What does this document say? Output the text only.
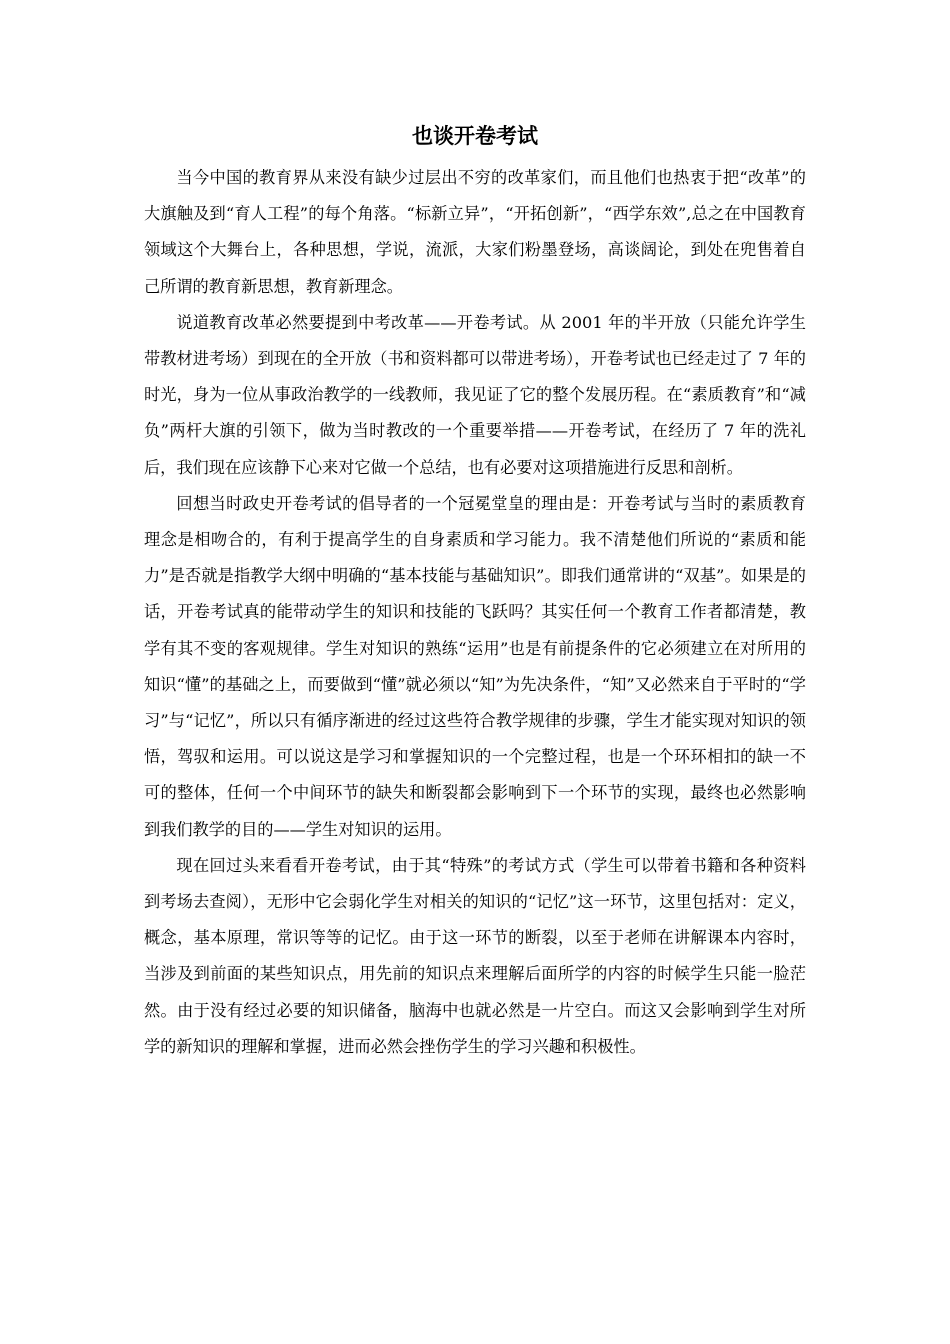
也谈开卷考试

当今中国的教育界从来没有缺少过层出不穷的改革家们，而且他们也热衷于把“改革”的大旗触及到“育人工程”的每个角落。“标新立异”，“开拓创新”，“西学东效”,总之在中国教育领域这个大舞台上，各种思想，学说，流派，大家们粉墨登场，高谈阔论，到处在兜售着自己所谓的教育新思想，教育新理念。

说道教育改革必然要提到中考改革——开卷考试。从 2001 年的半开放（只能允许学生带教材进考场）到现在的全开放（书和资料都可以带进考场），开卷考试也已经走过了 7 年的时光，身为一位从事政治教学的一线教师，我见证了它的整个发展历程。在“素质教育”和“减负”两杆大旗的引领下，做为当时教改的一个重要举措——开卷考试，在经历了 7 年的洗礼后，我们现在应该静下心来对它做一个总结，也有必要对这项措施进行反思和剖析。

回想当时政史开卷考试的倡导者的一个冠冕堂皇的理由是：开卷考试与当时的素质教育理念是相吻合的，有利于提高学生的自身素质和学习能力。我不清楚他们所说的“素质和能力”是否就是指教学大纲中明确的“基本技能与基础知识”。即我们通常讲的“双基”。如果是的话，开卷考试真的能带动学生的知识和技能的飞跃吗？其实任何一个教育工作者都清楚，教学有其不变的客观规律。学生对知识的熟练“运用”也是有前提条件的它必须建立在对所用的知识“懂”的基础之上，而要做到“懂”就必须以“知”为先决条件，“知”又必然来自于平时的“学习”与“记忆”，所以只有循序渐进的经过这些符合教学规律的步骤，学生才能实现对知识的领悟，驾驭和运用。可以说这是学习和掌握知识的一个完整过程，也是一个环环相扣的缺一不可的整体，任何一个中间环节的缺失和断裂都会影响到下一个环节的实现，最终也必然影响到我们教学的目的——学生对知识的运用。

现在回过头来看看开卷考试，由于其“特殊”的考试方式（学生可以带着书籍和各种资料到考场去查阅），无形中它会弱化学生对相关的知识的“记忆”这一环节，这里包括对：定义，概念，基本原理，常识等等的记忆。由于这一环节的断裂，以至于老师在讲解课本内容时，当涉及到前面的某些知识点，用先前的知识点来理解后面所学的内容的时候学生只能一脸茫然。由于没有经过必要的知识储备，脑海中也就必然是一片空白。而这又会影响到学生对所学的新知识的理解和掌握，进而必然会挫伤学生的学习兴趣和积极性。
